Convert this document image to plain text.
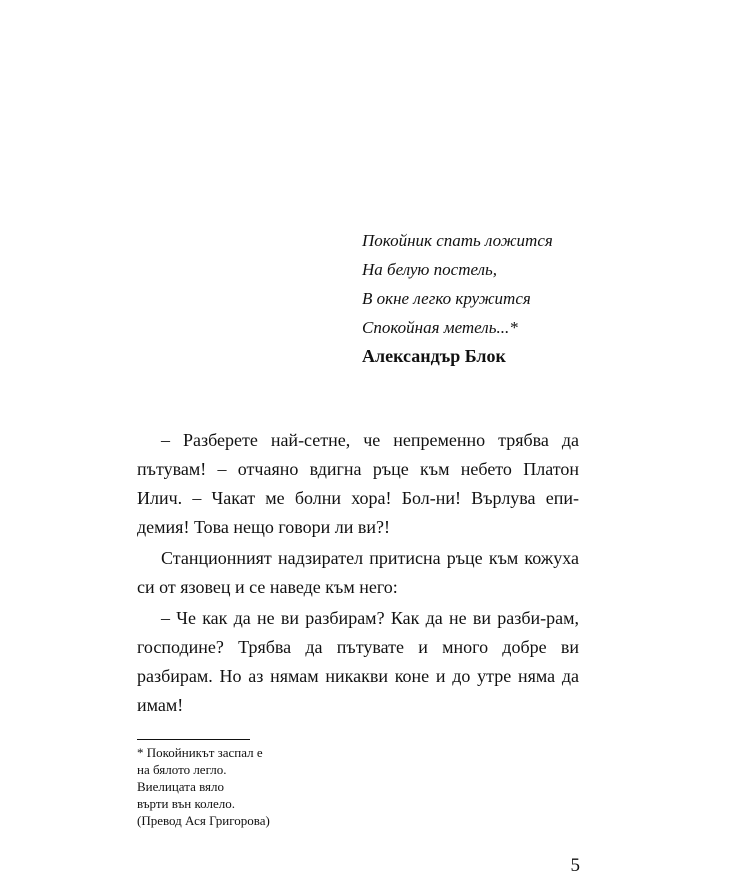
Покойник спать ложится
На белую постель,
В окне легко кружится
Спокойная метель...*
Александър Блок

– Разберете най-сетне, че непременно трябва да пътувам! – отчаяно вдигна ръце към небето Платон Илич. – Чакат ме болни хора! Бол-ни! Върлува епи-демия! Това нещо говори ли ви?!

Станционният надзирател притисна ръце към кожуха си от язовец и се наведе към него:

– Че как да не ви разбирам? Как да не ви разби-рам, господине? Трябва да пътувате и много добре ви разбирам. Но аз нямам никакви коне и до утре няма да имам!

* Покойникът заспал е
на бялото легло.
Виелицата вяло
върти вън колело.
(Превод Ася Григорова)
5
